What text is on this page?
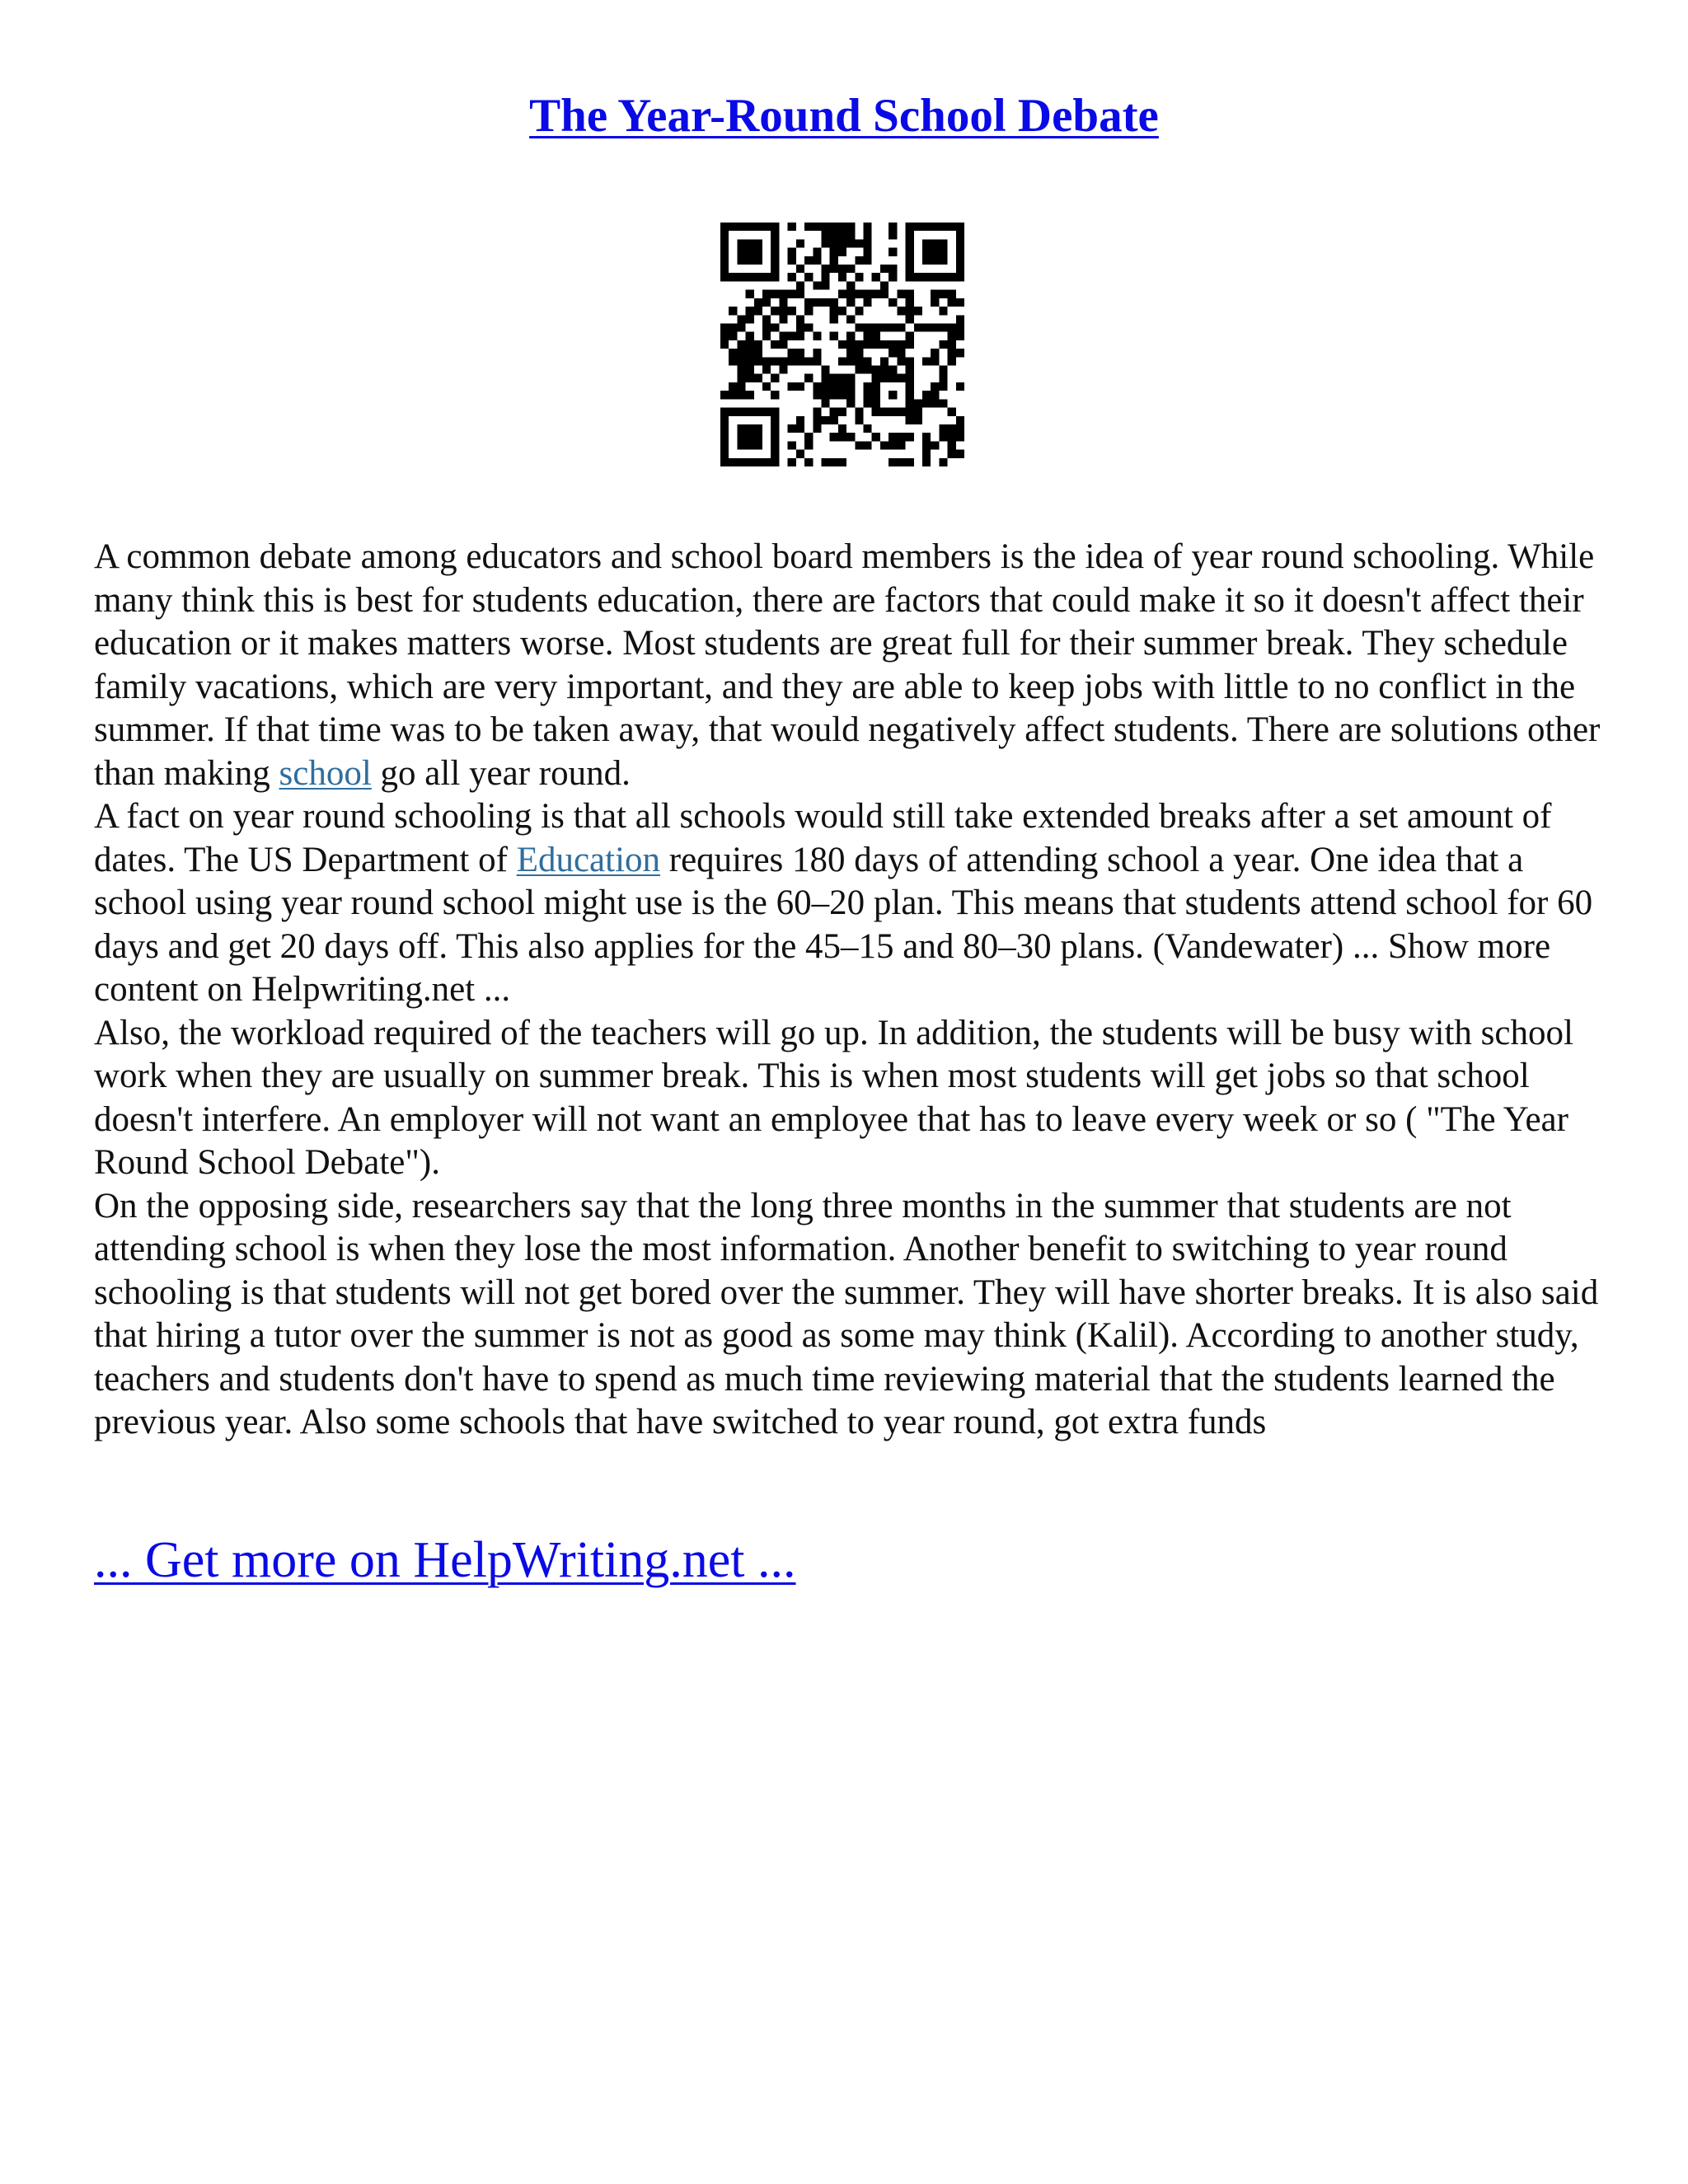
The Year-Round School Debate

A common debate among educators and school board members is the idea of year round schooling. While many think this is best for students education, there are factors that could make it so it doesn't affect their education or it makes matters worse. Most students are great full for their summer break. They schedule family vacations, which are very important, and they are able to keep jobs with little to no conflict in the summer. If that time was to be taken away, that would negatively affect students. There are solutions other than making school go all year round.

A fact on year round schooling is that all schools would still take extended breaks after a set amount of dates. The US Department of Education requires 180 days of attending school a year. One idea that a school using year round school might use is the 60–20 plan. This means that students attend school for 60 days and get 20 days off. This also applies for the 45–15 and 80–30 plans. (Vandewater) ... Show more content on Helpwriting.net ...

Also, the workload required of the teachers will go up. In addition, the students will be busy with school work when they are usually on summer break. This is when most students will get jobs so that school doesn't interfere. An employer will not want an employee that has to leave every week or so ( "The Year Round School Debate").

On the opposing side, researchers say that the long three months in the summer that students are not attending school is when they lose the most information. Another benefit to switching to year round schooling is that students will not get bored over the summer. They will have shorter breaks. It is also said that hiring a tutor over the summer is not as good as some may think (Kalil). According to another study, teachers and students don't have to spend as much time reviewing material that the students learned the previous year. Also some schools that have switched to year round, got extra funds

... Get more on HelpWriting.net ...
